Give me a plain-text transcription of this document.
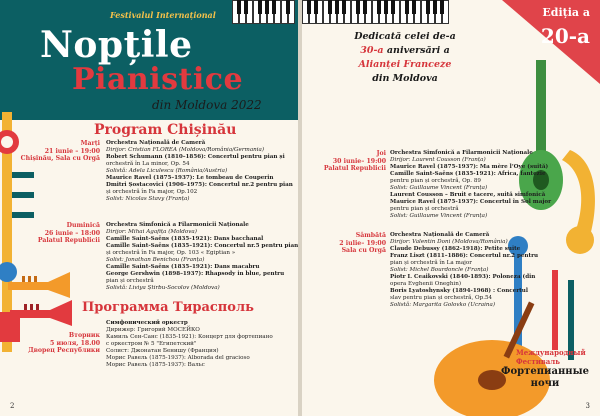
Festivalul Internațional
Nopțile
Pianistice
din Moldova 2022
Program Chișinău
Программа Тирасполь
Marți
21 iunie – 19:00
Chișinău, Sala cu Orgă
Orchestra Națională de Cameră
Dirijor: Cristian FLOREA (Moldova/România/Germania)
Robert Schumann (1810–1856): Concertul pentru pian și
orchestră în La minor, Op. 54
Solistă: Adela Liculescu (România/Austria)
Maurice Ravel (1875–1937): Le tombeau de Couperin
Dmitri Șostacovici (1906–1975): Concertul nr.2 pentru pian
și orchestră în Fa major, Op.102
Solist: Nicolas Stavy (Franța)
Duminică
26 iunie – 18:00
Palatul Republicii
Orchestra Simfonică a Filarmonicii Naționale
Dirijor: Mihai Agafița (Moldova)
Camille Saint-Saëns (1835-1921): Dans bacchanal
Camille Saint-Saëns (1835–1921): Concertul nr.5 pentru pian
și orchestră în Fa major, Op. 103 « Egiptian »
Solist: Jonathan Benichou (Franța)
Camille Saint-Saëns (1835–1921): Dans macabru
George Gershwin (1898–1937): Rhapsody in blue, pentru
pian și orchestră
Solistă: Liviya Știrbu-Socolov (Moldova)
Вторник
5 июля, 18.00
Дворец Республики
Симфонический оркестр
Дирижер: Григорий МОСЕЙКО
Камиль Сен-Санс (1835-1921): Концерт для фортепиано
с оркестром № 5 "Египетский"
Солист: Джонатан Бенишу (Франция)
Морис Равель (1875-1937): Alborada del gracioso
Морис Равель (1875-1937): Вальс
2
Ediția a
20-a
Dedicată celei de-a
30-a aniversări a
Alianței Franceze
din Moldova
Joi
30 iunie– 19:00
Palatul Republicii
Orchestra Simfonică a Filarmonicii Naționale
Dirijor: Laurent Cousson (Franța)
Maurice Ravel (1875-1937): Ma mère l’Oye (suită)
Camille Saint-Saëns (1835-1921): Africa, fantezie
pentru pian și orchestră, Op. 89
Solist: Guillaume Vincent (Franța)
Laurent Cousson – Bruit e tacere, suită simfonică
Maurice Ravel (1875-1937): Concertul în Sol major
pentru pian și orchestră
Solist: Guillaume Vincent (Franța)
Sâmbătă
2 iulie– 19:00
Sala cu Orgă
Orchestra Națională de Cameră
Dirijor: Valentin Doni (Moldova/România)
Claude Debussy (1862-1918): Petite suite
Franz Liszt (1811–1886): Concertul nr.2 pentru
pian și orchestră în La major
Solist: Michel Bourdoncle (Franța)
Piotr I. Ceaikovski (1840-1893): Poloneza (din
opera Evghenii Oneghin)
Boris Lyatoshynsky (1894-1968) : Concertul
slav pentru pian și orchestră, Op.54
Solistă: Margarita Golovko (Ucraina)
Международный Фестиваль
Фортепианные ночи
3
